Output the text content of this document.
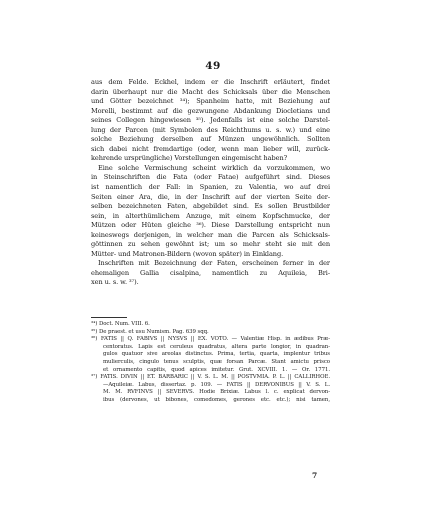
49
aus dem Felde. Eckhel, indem er die Inschrift erläutert, findet
darin überhaupt nur die Macht des Schicksals über die Menschen
und Götter bezeichnet ³⁴); Spanheim hatte, mit Beziehung auf
Morelli, bestimmt auf die gezwungene Abdankung Diocletians und
seines Collegen hingewiesen ³⁵). Jedenfalls ist eine solche Darstel-
lung der Parcen (mit Symbolen des Reichthums u. s. w.) und eine
solche Beziehung derselben auf Münzen ungewöhnlich. Sollten
sich dabei nicht fremdartige (oder, wenn man lieber will, zurück-
kehrende ursprüngliche) Vorstellungen eingemischt haben?
Eine solche Vermischung scheint wirklich da vorzukommen, wo
in Steinschriften die Fata (oder Fatae) aufgeführt sind. Dieses
ist namentlich der Fall: in Spanien, zu Valentia, wo auf drei
Seiten einer Ara, die, in der Inschrift auf der vierten Seite der-
selben bezeichneten Faten, abgebildet sind. Es sollen Brustbilder
sein, in alterthümlichem Anzuge, mit einem Kopfschmucke, der
Mützen oder Hüten gleiche ³⁶). Diese Darstellung entspricht nun
keineswegs derjenigen, in welcher man die Parcen als Schicksals-
göttinnen zu sehen gewöhnt ist; um so mehr steht sie mit den
Mütter- und Matronen-Bildern (wovon später) in Einklang.
Inschriften mit Bezeichnung der Faten, erscheinen ferner in der
ehemaligen Gallia cisalpina, namentlich zu Aquileia, Bri-
xen u. s. w. ³⁷).
³⁴) Doct. Num. VIII. 6.
³⁵) De praest. et usu Numism. Pag. 639 sqq.
³⁶) FATIS || Q. FABIVS || NYSVS || EX. VOTO. — Valentiæ Hisp. in ædibus Præ-
centoratus. Lapis est ceruleus quadratus, altera parte longior, in quadran-
gulos quatuor sive areolas distinctus. Prima, tertia, quarta, implentur tribus
mulierculis, cingulo tenus sculptis, quæ forsan Parcæ. Stant amictu prisco
et ornamento capitis, quod apices imitetur. Grut. XCVIII. 1. — Or. 1771.
³⁷) FATIS. DIVIN || ET. BARBARIC || V. S. L. M. || POSTVMIA. P. L. || CALLIRHOE.
—Aquileiæ. Labus, dissertaz. p. 109. — FATIS || DERVONIBUS || V. S. L.
M. M. RVFINVS || SEVERVS. Hodie Brixiæ. Labus l. c. explicat dervon-
ibus (dervones, ut bibones, comedomes, gerones etc. etc.); nisi tamen,
7
